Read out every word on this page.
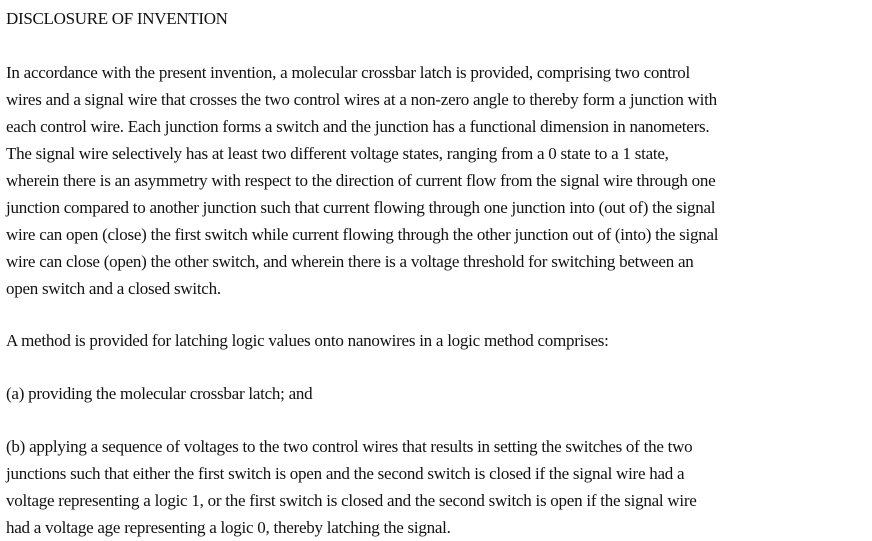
DISCLOSURE OF INVENTION
In accordance with the present invention, a molecular crossbar latch is provided, comprising two control
wires and a signal wire that crosses the two control wires at a non-zero angle to thereby form a junction with
each control wire. Each junction forms a switch and the junction has a functional dimension in nanometers.
The signal wire selectively has at least two different voltage states, ranging from a 0 state to a 1 state,
wherein there is an asymmetry with respect to the direction of current flow from the signal wire through one
junction compared to another junction such that current flowing through one junction into (out of) the signal
wire can open (close) the first switch while current flowing through the other junction out of (into) the signal
wire can close (open) the other switch, and wherein there is a voltage threshold for switching between an
open switch and a closed switch.
A method is provided for latching logic values onto nanowires in a logic method comprises:
(a) providing the molecular crossbar latch; and
(b) applying a sequence of voltages to the two control wires that results in setting the switches of the two
junctions such that either the first switch is open and the second switch is closed if the signal wire had a
voltage representing a logic 1, or the first switch is closed and the second switch is open if the signal wire
had a voltage age representing a logic 0, thereby latching the signal.
